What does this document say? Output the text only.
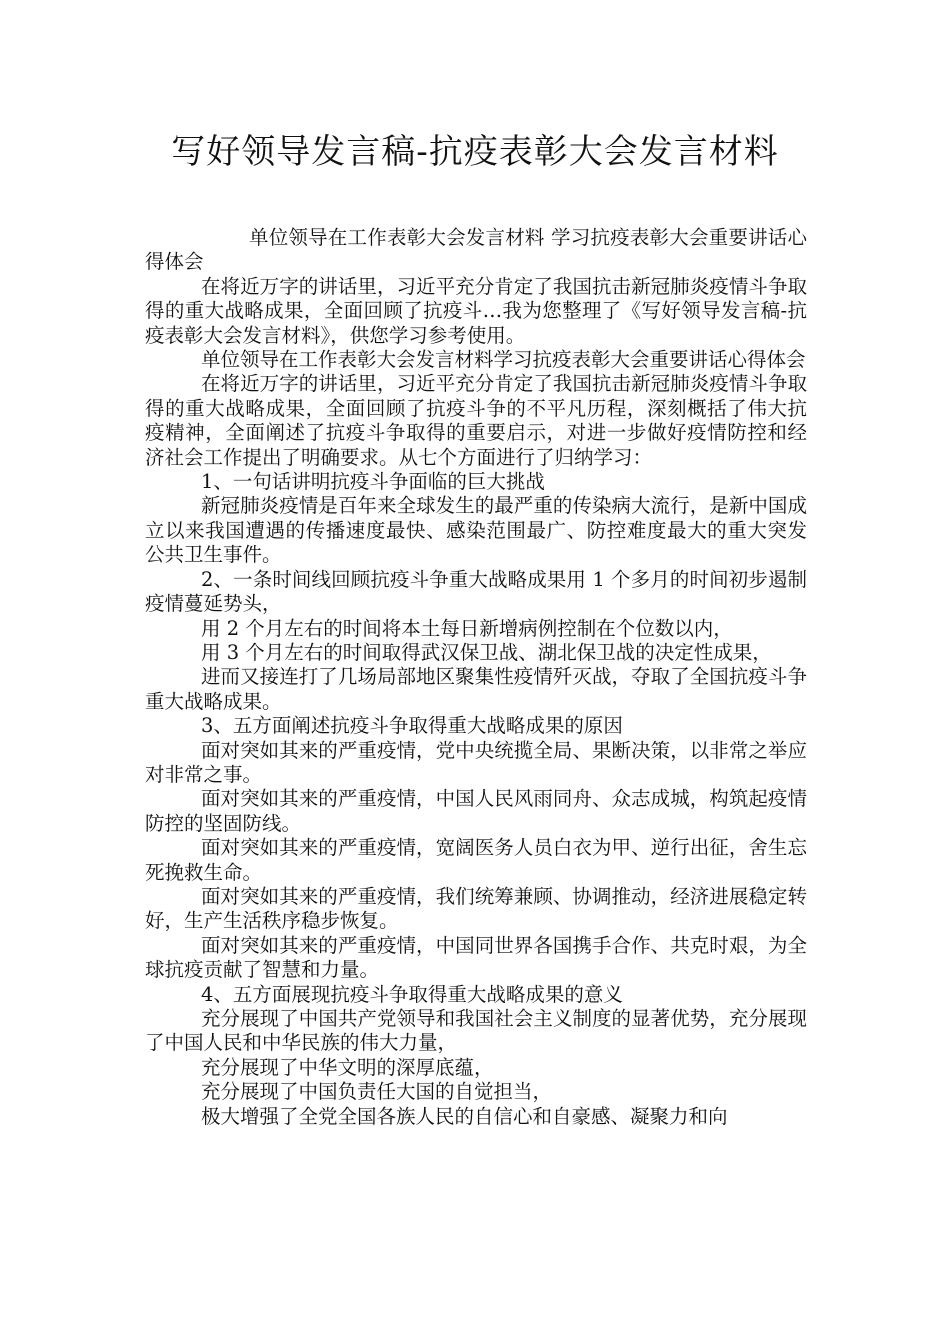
写好领导发言稿-抗疫表彰大会发言材料

单位领导在工作表彰大会发言材料 学习抗疫表彰大会重要讲话心得体会

在将近万字的讲话里，习近平充分肯定了我国抗击新冠肺炎疫情斗争取得的重大战略成果，全面回顾了抗疫斗…我为您整理了《写好领导发言稿-抗疫表彰大会发言材料》，供您学习参考使用。

单位领导在工作表彰大会发言材料学习抗疫表彰大会重要讲话心得体会

在将近万字的讲话里，习近平充分肯定了我国抗击新冠肺炎疫情斗争取得的重大战略成果，全面回顾了抗疫斗争的不平凡历程，深刻概括了伟大抗疫精神，全面阐述了抗疫斗争取得的重要启示，对进一步做好疫情防控和经济社会工作提出了明确要求。从七个方面进行了归纳学习：

1、一句话讲明抗疫斗争面临的巨大挑战

新冠肺炎疫情是百年来全球发生的最严重的传染病大流行，是新中国成立以来我国遭遇的传播速度最快、感染范围最广、防控难度最大的重大突发公共卫生事件。

2、一条时间线回顾抗疫斗争重大战略成果用 1 个多月的时间初步遏制疫情蔓延势头，

用 2 个月左右的时间将本土每日新增病例控制在个位数以内，

用 3 个月左右的时间取得武汉保卫战、湖北保卫战的决定性成果，

进而又接连打了几场局部地区聚集性疫情歼灭战，夺取了全国抗疫斗争重大战略成果。

3、五方面阐述抗疫斗争取得重大战略成果的原因

面对突如其来的严重疫情，党中央统揽全局、果断决策，以非常之举应对非常之事。

面对突如其来的严重疫情，中国人民风雨同舟、众志成城，构筑起疫情防控的坚固防线。

面对突如其来的严重疫情，宽阔医务人员白衣为甲、逆行出征，舍生忘死挽救生命。

面对突如其来的严重疫情，我们统筹兼顾、协调推动，经济进展稳定转好，生产生活秩序稳步恢复。

面对突如其来的严重疫情，中国同世界各国携手合作、共克时艰，为全球抗疫贡献了智慧和力量。

4、五方面展现抗疫斗争取得重大战略成果的意义

充分展现了中国共产党领导和我国社会主义制度的显著优势，充分展现了中国人民和中华民族的伟大力量，

充分展现了中华文明的深厚底蕴，

充分展现了中国负责任大国的自觉担当，

极大增强了全党全国各族人民的自信心和自豪感、凝聚力和向
